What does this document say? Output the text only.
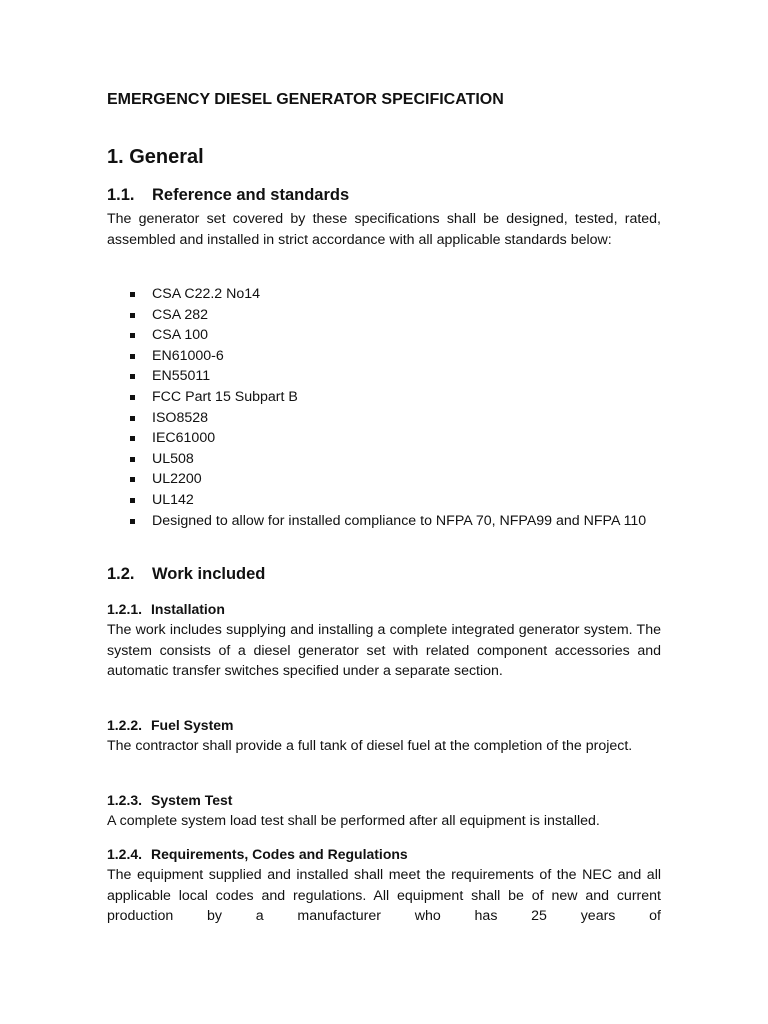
EMERGENCY DIESEL GENERATOR SPECIFICATION
1. General
1.1. Reference and standards

The generator set covered by these specifications shall be designed, tested, rated, assembled and installed in strict accordance with all applicable standards below:

CSA C22.2 No14
CSA 282
CSA 100
EN61000-6
EN55011
FCC Part 15 Subpart B
ISO8528
IEC61000
UL508
UL2200
UL142
Designed to allow for installed compliance to NFPA 70, NFPA99 and NFPA 110
1.2. Work included
1.2.1. Installation

The work includes supplying and installing a complete integrated generator system. The system consists of a diesel generator set with related component accessories and automatic transfer switches specified under a separate section.

1.2.2. Fuel System

The contractor shall provide a full tank of diesel fuel at the completion of the project.

1.2.3. System Test

A complete system load test shall be performed after all equipment is installed.

1.2.4. Requirements, Codes and Regulations

The equipment supplied and installed shall meet the requirements of the NEC and all applicable local codes and regulations. All equipment shall be of new and current production by a manufacturer who has 25 years of
